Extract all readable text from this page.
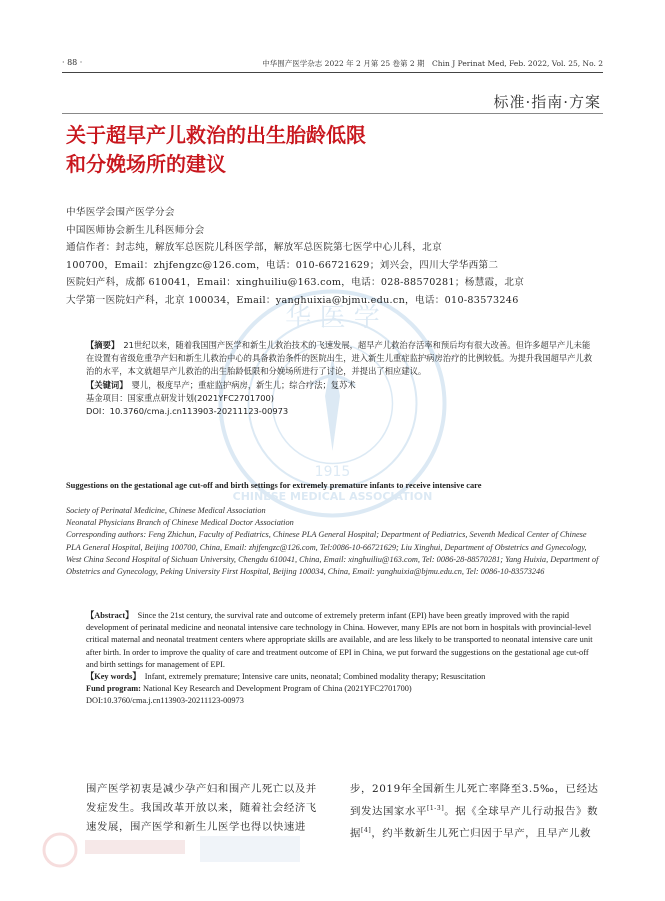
华 医 学
1915
CHINESE MEDICAL ASSOCIATION
· 88 ·	中华围产医学杂志 2022 年 2 月第 25 卷第 2 期　Chin J Perinat Med, Feb. 2022, Vol. 25, No. 2
标准·指南·方案
关于超早产儿救治的出生胎龄低限
和分娩场所的建议
中华医学会围产医学分会
中国医师协会新生儿科医师分会
通信作者：封志纯，解放军总医院儿科医学部，解放军总医院第七医学中心儿科，北京
100700，Email：zhjfengzc@126.com，电话：010-66721629；刘兴会，四川大学华西第二
医院妇产科，成都 610041，Email：xinghuiliu@163.com，电话：028-88570281；杨慧霞，北京
大学第一医院妇产科，北京 100034，Email：yanghuixia@bjmu.edu.cn，电话：010-83573246

【摘要】　 21世纪以来，随着我国围产医学和新生儿救治技术的飞速发展，超早产儿救治存活率和预后均有很大改善。但许多超早产儿未能在设置有省级危重孕产妇和新生儿救治中心的具备救治条件的医院出生，进入新生儿重症监护病房治疗的比例较低。为提升我国超早产儿救治的水平，本文就超早产儿救治的出生胎龄低限和分娩场所进行了讨论，并提出了相应建议。

【关键词】　 婴儿，极度早产；重症监护病房，新生儿；综合疗法；复苏术

基金项目：国家重点研发计划(2021YFC2701700)

DOI：10.3760/cma.j.cn113903-20211123-00973

Suggestions on the gestational age cut-off and birth settings for extremely premature infants to receive intensive care

Society of Perinatal Medicine, Chinese Medical Association

Neonatal Physicians Branch of Chinese Medical Doctor Association

Corresponding authors: Feng Zhichun, Faculty of Pediatrics, Chinese PLA General Hospital; Department of Pediatrics, Seventh Medical Center of Chinese PLA General Hospital, Beijing 100700, China, Email: zhjfengzc@126.com, Tel:0086-10-66721629; Liu Xinghui, Department of Obstetrics and Gynecology, West China Second Hospital of Sichuan University, Chengdu 610041, China, Email: xinghuiliu@163.com, Tel: 0086-28-88570281; Yang Huixia, Department of Obstetrics and Gynecology, Peking University First Hospital, Beijing 100034, China, Email: yanghuixia@bjmu.edu.cn, Tel: 0086-10-83573246

【Abstract】　 Since the 21st century, the survival rate and outcome of extremely preterm infant (EPI) have been greatly improved with the rapid development of perinatal medicine and neonatal intensive care technology in China. However, many EPIs are not born in hospitals with provincial-level critical maternal and neonatal treatment centers where appropriate skills are available, and are less likely to be transported to neonatal intensive care unit after birth. In order to improve the quality of care and treatment outcome of EPI in China, we put forward the suggestions on the gestational age cut-off and birth settings for management of EPI.

【Key words】　 Infant, extremely premature; Intensive care units, neonatal; Combined modality therapy; Resuscitation

Fund program: National Key Research and Development Program of China (2021YFC2701700)

DOI:10.3760/cma.j.cn113903-20211123-00973

围产医学初衷是减少孕产妇和围产儿死亡以及并发症发生。我国改革开放以来，随着社会经济飞速发展，围产医学和新生儿医学也得以快速进
步，2019年全国新生儿死亡率降至3.5‰，已经达到发达国家水平[1-3]。据《全球早产儿行动报告》数据[4]，约半数新生儿死亡归因于早产，且早产儿救
